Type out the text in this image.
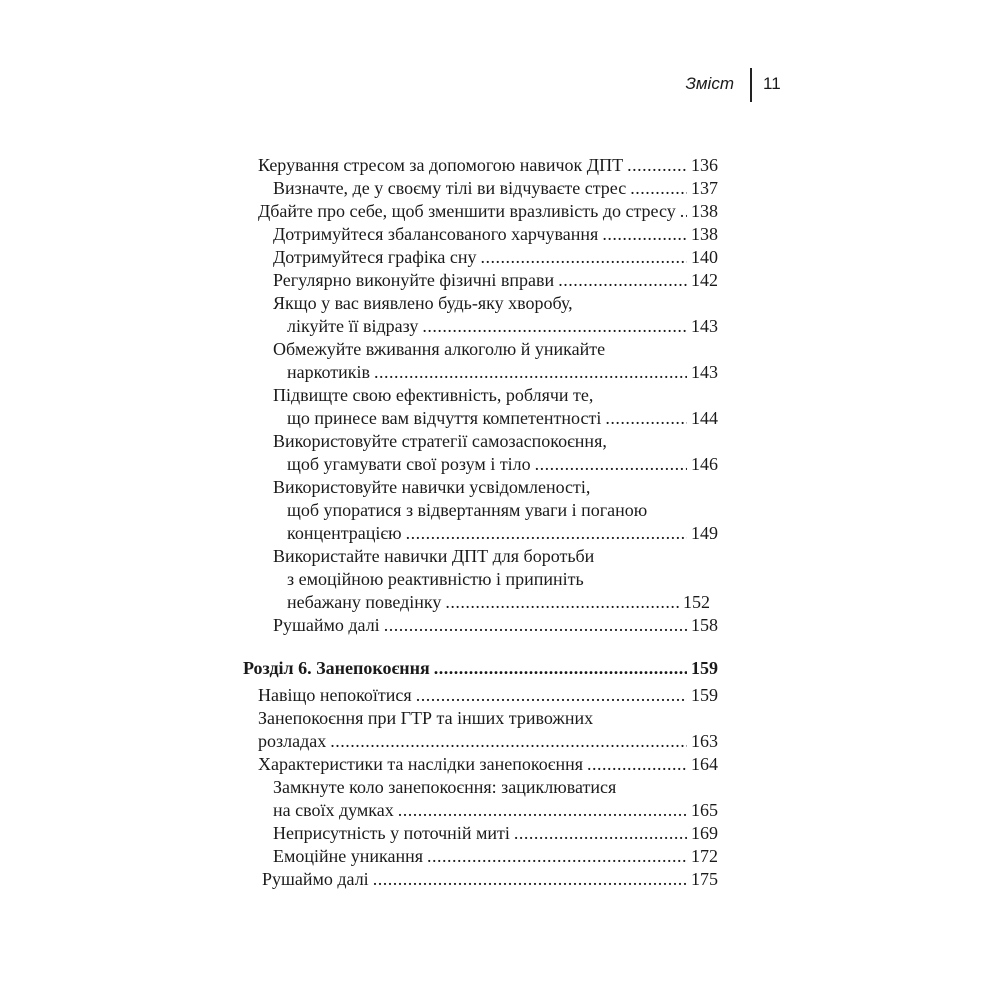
Зміст 11
Керування стресом за допомогою навичок ДПТ .....	136
Визначте, де у своєму тілі ви відчуваєте стрес .....	137
Дбайте про себе, щоб зменшити вразливість до стресу ..... 138
Дотримуйтеся збалансованого харчування .....	138
Дотримуйтеся графіка сну .....	140
Регулярно виконуйте фізичні вправи .....	142
Якщо у вас виявлено будь-яку хворобу,
лікуйте її відразу .....	143
Обмежуйте вживання алкоголю й уникайте
наркотиків .....	143
Підвищте свою ефективність, роблячи те,
що принесе вам відчуття компетентності .....	144
Використовуйте стратегії самозаспокоєння,
щоб угамувати свої розум і тіло .....	146
Використовуйте навички усвідомленості,
щоб упоратися з відвертанням уваги і поганою
концентрацією .....	149
Використайте навички ДПТ для боротьби
з емоційною реактивністю і припиніть
небажану поведінку .....	152
Рушаймо далі .....	158
Розділ 6. Занепокоєння .....	159
Навіщо непокоїтися .....	159
Занепокоєння при ГТР та інших тривожних
розладах .....	163
Характеристики та наслідки занепокоєння .....	164
Замкнуте коло занепокоєння: зациклюватися
на своїх думках .....	165
Неприсутність у поточній миті .....	169
Емоційне уникання .....	172
Рушаймо далі .....	175
